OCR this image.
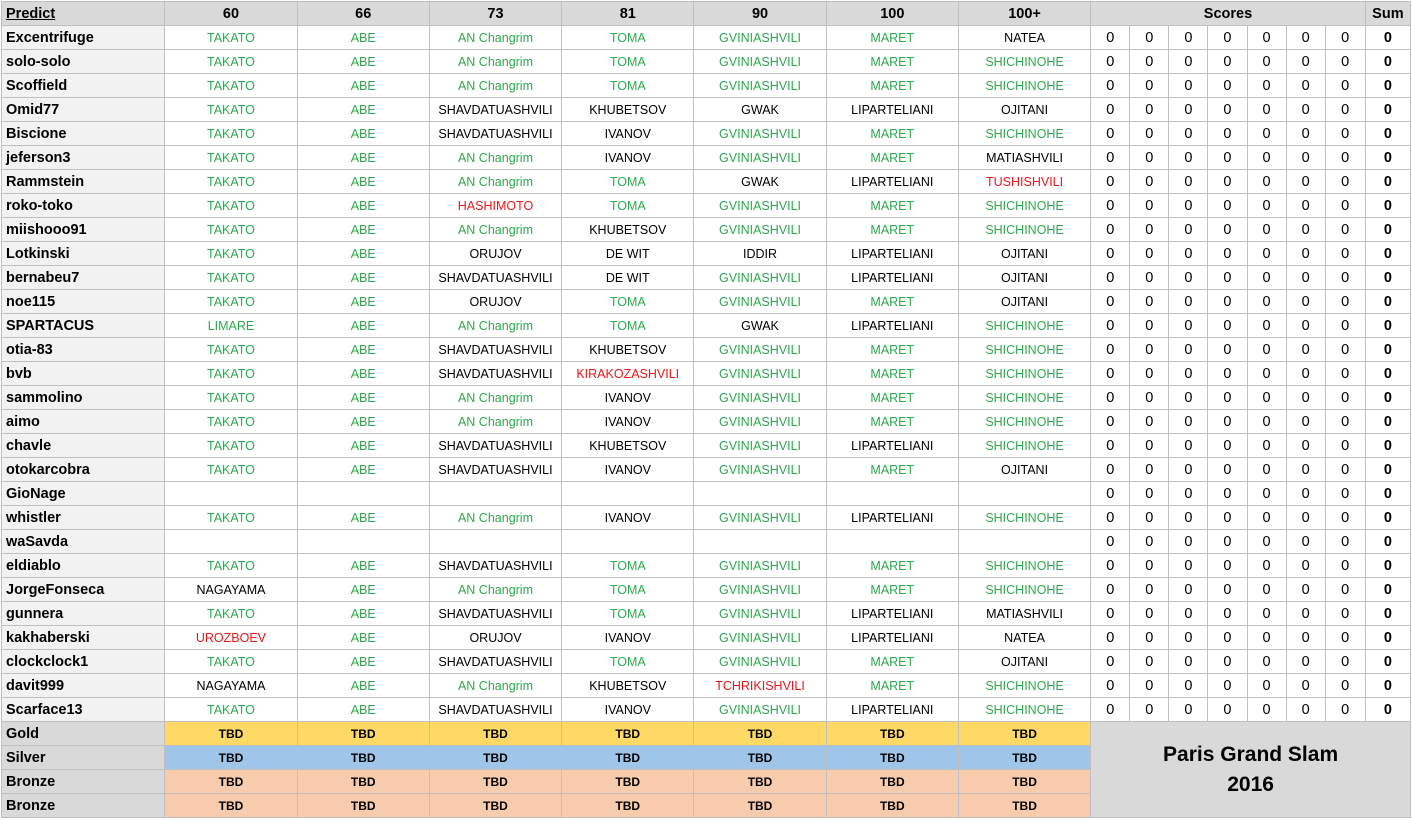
Predict	60	66	73	81	90	100	100+	Scores							Sum
Excentrifuge	TAKATO	ABE	AN Changrim	TOMA	GVINIASHVILI	MARET	NATEA	0	0	0	0	0	0	0	0
solo-solo	TAKATO	ABE	AN Changrim	TOMA	GVINIASHVILI	MARET	SHICHINOHE	0	0	0	0	0	0	0	0
Scoffield	TAKATO	ABE	AN Changrim	TOMA	GVINIASHVILI	MARET	SHICHINOHE	0	0	0	0	0	0	0	0
Omid77	TAKATO	ABE	SHAVDATUASHVILI	KHUBETSOV	GWAK	LIPARTELIANI	OJITANI	0	0	0	0	0	0	0	0
Biscione	TAKATO	ABE	SHAVDATUASHVILI	IVANOV	GVINIASHVILI	MARET	SHICHINOHE	0	0	0	0	0	0	0	0
jeferson3	TAKATO	ABE	AN Changrim	IVANOV	GVINIASHVILI	MARET	MATIASHVILI	0	0	0	0	0	0	0	0
Rammstein	TAKATO	ABE	AN Changrim	TOMA	GWAK	LIPARTELIANI	TUSHISHVILI	0	0	0	0	0	0	0	0
roko-toko	TAKATO	ABE	HASHIMOTO	TOMA	GVINIASHVILI	MARET	SHICHINOHE	0	0	0	0	0	0	0	0
miishooo91	TAKATO	ABE	AN Changrim	KHUBETSOV	GVINIASHVILI	MARET	SHICHINOHE	0	0	0	0	0	0	0	0
Lotkinski	TAKATO	ABE	ORUJOV	DE WIT	IDDIR	LIPARTELIANI	OJITANI	0	0	0	0	0	0	0	0
bernabeu7	TAKATO	ABE	SHAVDATUASHVILI	DE WIT	GVINIASHVILI	LIPARTELIANI	OJITANI	0	0	0	0	0	0	0	0
noe115	TAKATO	ABE	ORUJOV	TOMA	GVINIASHVILI	MARET	OJITANI	0	0	0	0	0	0	0	0
SPARTACUS	LIMARE	ABE	AN Changrim	TOMA	GWAK	LIPARTELIANI	SHICHINOHE	0	0	0	0	0	0	0	0
otia-83	TAKATO	ABE	SHAVDATUASHVILI	KHUBETSOV	GVINIASHVILI	MARET	SHICHINOHE	0	0	0	0	0	0	0	0
bvb	TAKATO	ABE	SHAVDATUASHVILI	KIRAKOZASHVILI	GVINIASHVILI	MARET	SHICHINOHE	0	0	0	0	0	0	0	0
sammolino	TAKATO	ABE	AN Changrim	IVANOV	GVINIASHVILI	MARET	SHICHINOHE	0	0	0	0	0	0	0	0
aimo	TAKATO	ABE	AN Changrim	IVANOV	GVINIASHVILI	MARET	SHICHINOHE	0	0	0	0	0	0	0	0
chavle	TAKATO	ABE	SHAVDATUASHVILI	KHUBETSOV	GVINIASHVILI	LIPARTELIANI	SHICHINOHE	0	0	0	0	0	0	0	0
otokarcobra	TAKATO	ABE	SHAVDATUASHVILI	IVANOV	GVINIASHVILI	MARET	OJITANI	0	0	0	0	0	0	0	0
GioNage								0	0	0	0	0	0	0	0
whistler	TAKATO	ABE	AN Changrim	IVANOV	GVINIASHVILI	LIPARTELIANI	SHICHINOHE	0	0	0	0	0	0	0	0
waSavda								0	0	0	0	0	0	0	0
eldiablo	TAKATO	ABE	SHAVDATUASHVILI	TOMA	GVINIASHVILI	MARET	SHICHINOHE	0	0	0	0	0	0	0	0
JorgeFonseca	NAGAYAMA	ABE	AN Changrim	TOMA	GVINIASHVILI	MARET	SHICHINOHE	0	0	0	0	0	0	0	0
gunnera	TAKATO	ABE	SHAVDATUASHVILI	TOMA	GVINIASHVILI	LIPARTELIANI	MATIASHVILI	0	0	0	0	0	0	0	0
kakhaberski	UROZBOEV	ABE	ORUJOV	IVANOV	GVINIASHVILI	LIPARTELIANI	NATEA	0	0	0	0	0	0	0	0
clockclock1	TAKATO	ABE	SHAVDATUASHVILI	TOMA	GVINIASHVILI	MARET	OJITANI	0	0	0	0	0	0	0	0
davit999	NAGAYAMA	ABE	AN Changrim	KHUBETSOV	TCHRIKISHVILI	MARET	SHICHINOHE	0	0	0	0	0	0	0	0
Scarface13	TAKATO	ABE	SHAVDATUASHVILI	IVANOV	GVINIASHVILI	LIPARTELIANI	SHICHINOHE	0	0	0	0	0	0	0	0
Gold	TBD	TBD	TBD	TBD	TBD	TBD	TBD	Paris Grand Slam
2016							

Silver	TBD	TBD	TBD	TBD	TBD	TBD	TBD								
Bronze	TBD	TBD	TBD	TBD	TBD	TBD	TBD								
Bronze	TBD	TBD	TBD	TBD	TBD	TBD	TBD								
